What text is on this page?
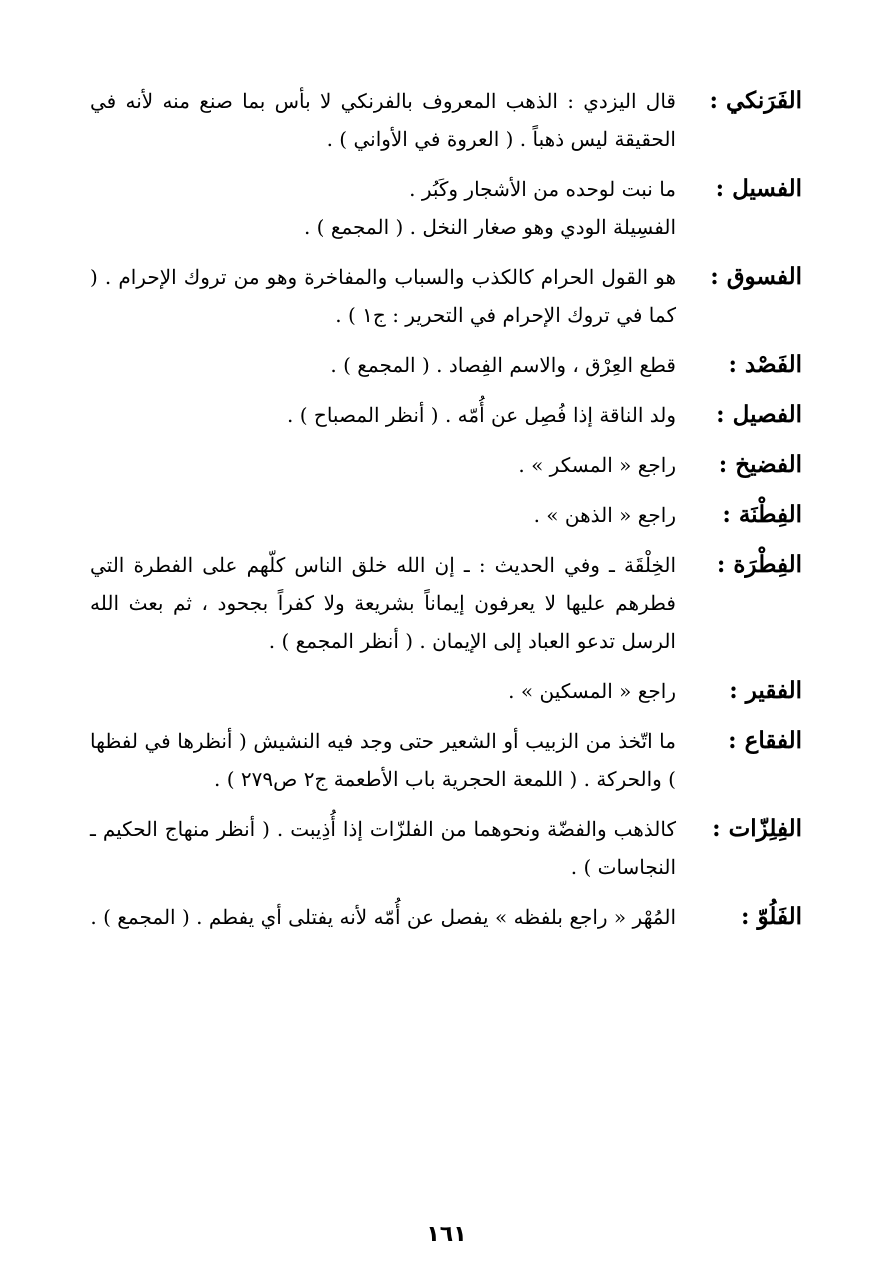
الفَرَنكي :

قال اليزدي : الذهب المعروف بالفرنكي لا بأس بما صنع منه لأنه في الحقيقة ليس ذهباً . ( العروة في الأواني ) .

الفسيل :

ما نبت لوحده من الأشجار وكَبُر .

الفسِيلة الودي وهو صغار النخل . ( المجمع ) .

الفسوق :

هو القول الحرام كالكذب والسباب والمفاخرة وهو من تروك الإحرام . ( كما في تروك الإحرام في التحرير : ج١ ) .

الفَصْد :

قطع العِرْق ، والاسم الفِصاد . ( المجمع ) .

الفصيل :

ولد الناقة إذا فُصِل عن أُمّه . ( أنظر المصباح ) .

الفضيخ :

راجع « المسكر » .

الفِطْنَة :

راجع « الذهن » .

الفِطْرَة :

الخِلْقَة ـ وفي الحديث : ـ إن الله خلق الناس كلّهم على الفطرة التي فطرهم عليها لا يعرفون إيماناً بشريعة ولا كفراً بجحود ، ثم بعث الله الرسل تدعو العباد إلى الإيمان . ( أنظر المجمع ) .

الفقير :

راجع « المسكين » .

الفقاع :

ما اتّخذ من الزبيب أو الشعير حتى وجد فيه النشيش ( أنظرها في لفظها ) والحركة . ( اللمعة الحجرية باب الأطعمة ج٢ ص٢٧٩ ) .

الفِلِزّات :

كالذهب والفضّة ونحوهما من الفلزّات إذا أُذِيبت . ( أنظر منهاج الحكيم ـ النجاسات ) .

الفَلُوّ :

المُهْر « راجع بلفظه » يفصل عن أُمّه لأنه يفتلى أي يفطم . ( المجمع ) .

١٦١
